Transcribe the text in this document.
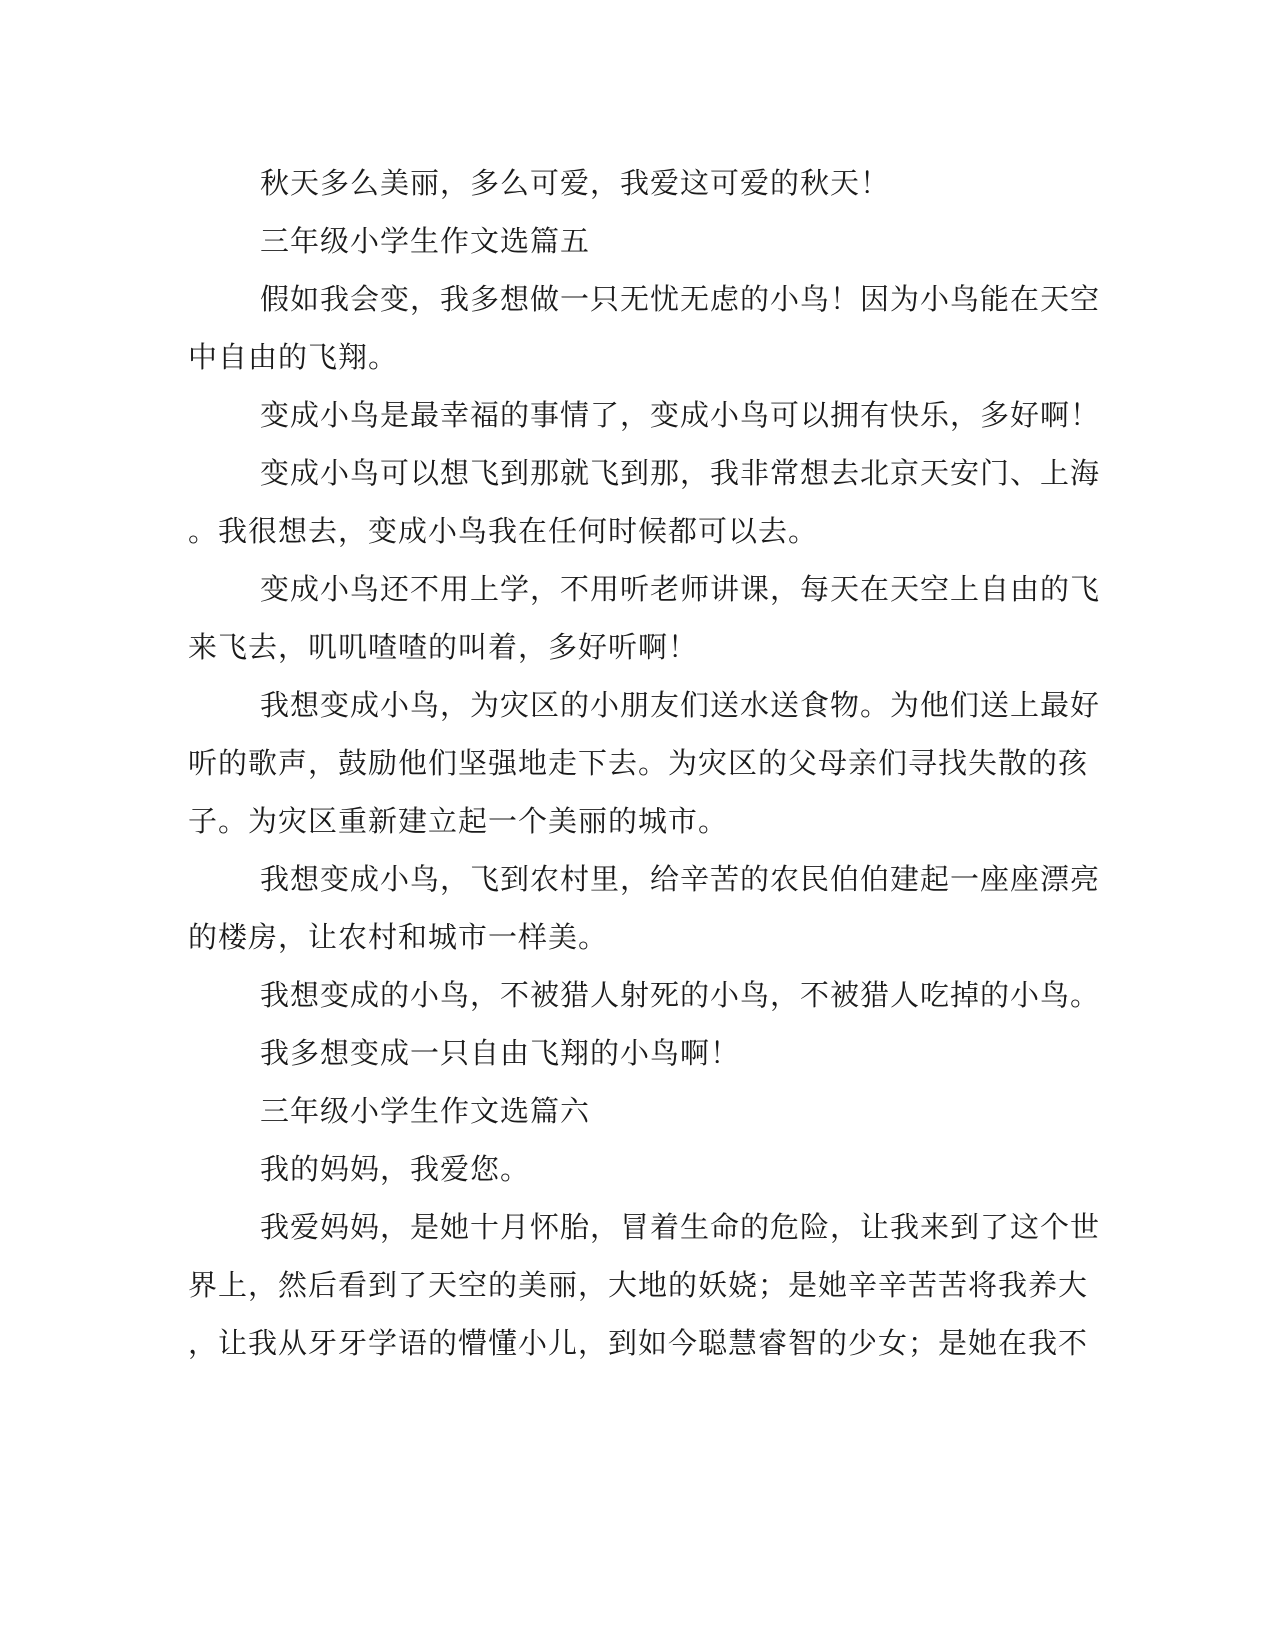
秋天多么美丽，多么可爱，我爱这可爱的秋天！

三年级小学生作文选篇五

假如我会变，我多想做一只无忧无虑的小鸟！因为小鸟能在天空

中自由的飞翔。

变成小鸟是最幸福的事情了，变成小鸟可以拥有快乐，多好啊！

变成小鸟可以想飞到那就飞到那，我非常想去北京天安门、上海

。我很想去，变成小鸟我在任何时候都可以去。

变成小鸟还不用上学，不用听老师讲课，每天在天空上自由的飞

来飞去，叽叽喳喳的叫着，多好听啊！

我想变成小鸟，为灾区的小朋友们送水送食物。为他们送上最好

听的歌声，鼓励他们坚强地走下去。为灾区的父母亲们寻找失散的孩

子。为灾区重新建立起一个美丽的城市。

我想变成小鸟，飞到农村里，给辛苦的农民伯伯建起一座座漂亮

的楼房，让农村和城市一样美。

我想变成的小鸟，不被猎人射死的小鸟，不被猎人吃掉的小鸟。

我多想变成一只自由飞翔的小鸟啊！

三年级小学生作文选篇六

我的妈妈，我爱您。

我爱妈妈，是她十月怀胎，冒着生命的危险，让我来到了这个世

界上，然后看到了天空的美丽，大地的妖娆；是她辛辛苦苦将我养大

，让我从牙牙学语的懵懂小儿，到如今聪慧睿智的少女；是她在我不
